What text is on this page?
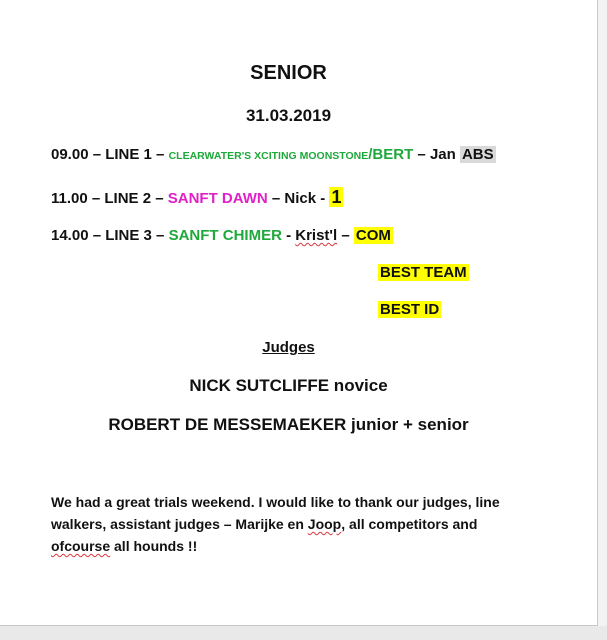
SENIOR
31.03.2019
09.00 – LINE 1 – CLEARWATER'S XCITING MOONSTONE/BERT – Jan ABS
11.00 – LINE 2 – SANFT DAWN – Nick - 1
14.00 – LINE 3 – SANFT CHIMER - Krist'l – COM
BEST TEAM
BEST ID
Judges
NICK SUTCLIFFE novice
ROBERT DE MESSEMAEKER junior + senior
We had a great trials weekend. I would like to thank our judges, line walkers, assistant judges – Marijke en Joop, all competitors and ofcourse all hounds !!
